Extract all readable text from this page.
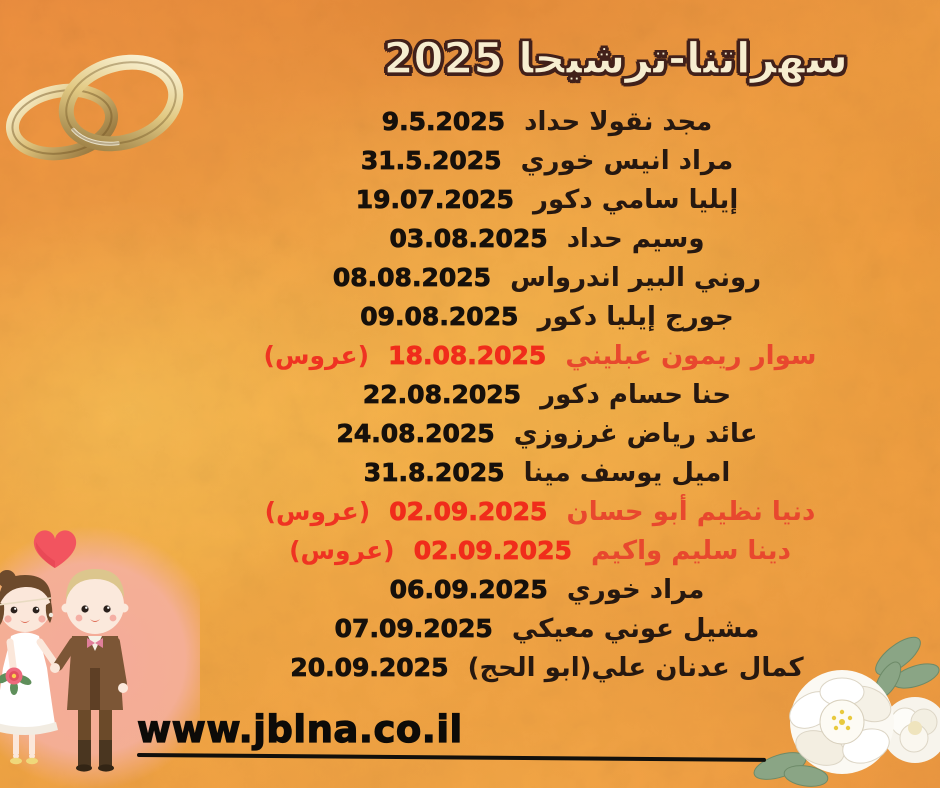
سهراتنا-ترشيحا 2025
مجد نقولا حداد 9.5.2025
مراد انيس خوري 31.5.2025
إيليا سامي دكور 19.07.2025
وسيم حداد 03.08.2025
روني البير اندرواس 08.08.2025
جورج إيليا دكور 09.08.2025
سوار ريمون عبليني 18.08.2025 (عروس)
حنا حسام دكور 22.08.2025
عائد رياض غرزوزي 24.08.2025
اميل يوسف مينا 31.8.2025
دنيا نظيم أبو حسان 02.09.2025 (عروس)
دينا سليم واكيم 02.09.2025 (عروس)
مراد خوري 06.09.2025
مشيل عوني معيكي 07.09.2025
كمال عدنان علي(ابو الحج) 20.09.2025
www.jblna.co.il
